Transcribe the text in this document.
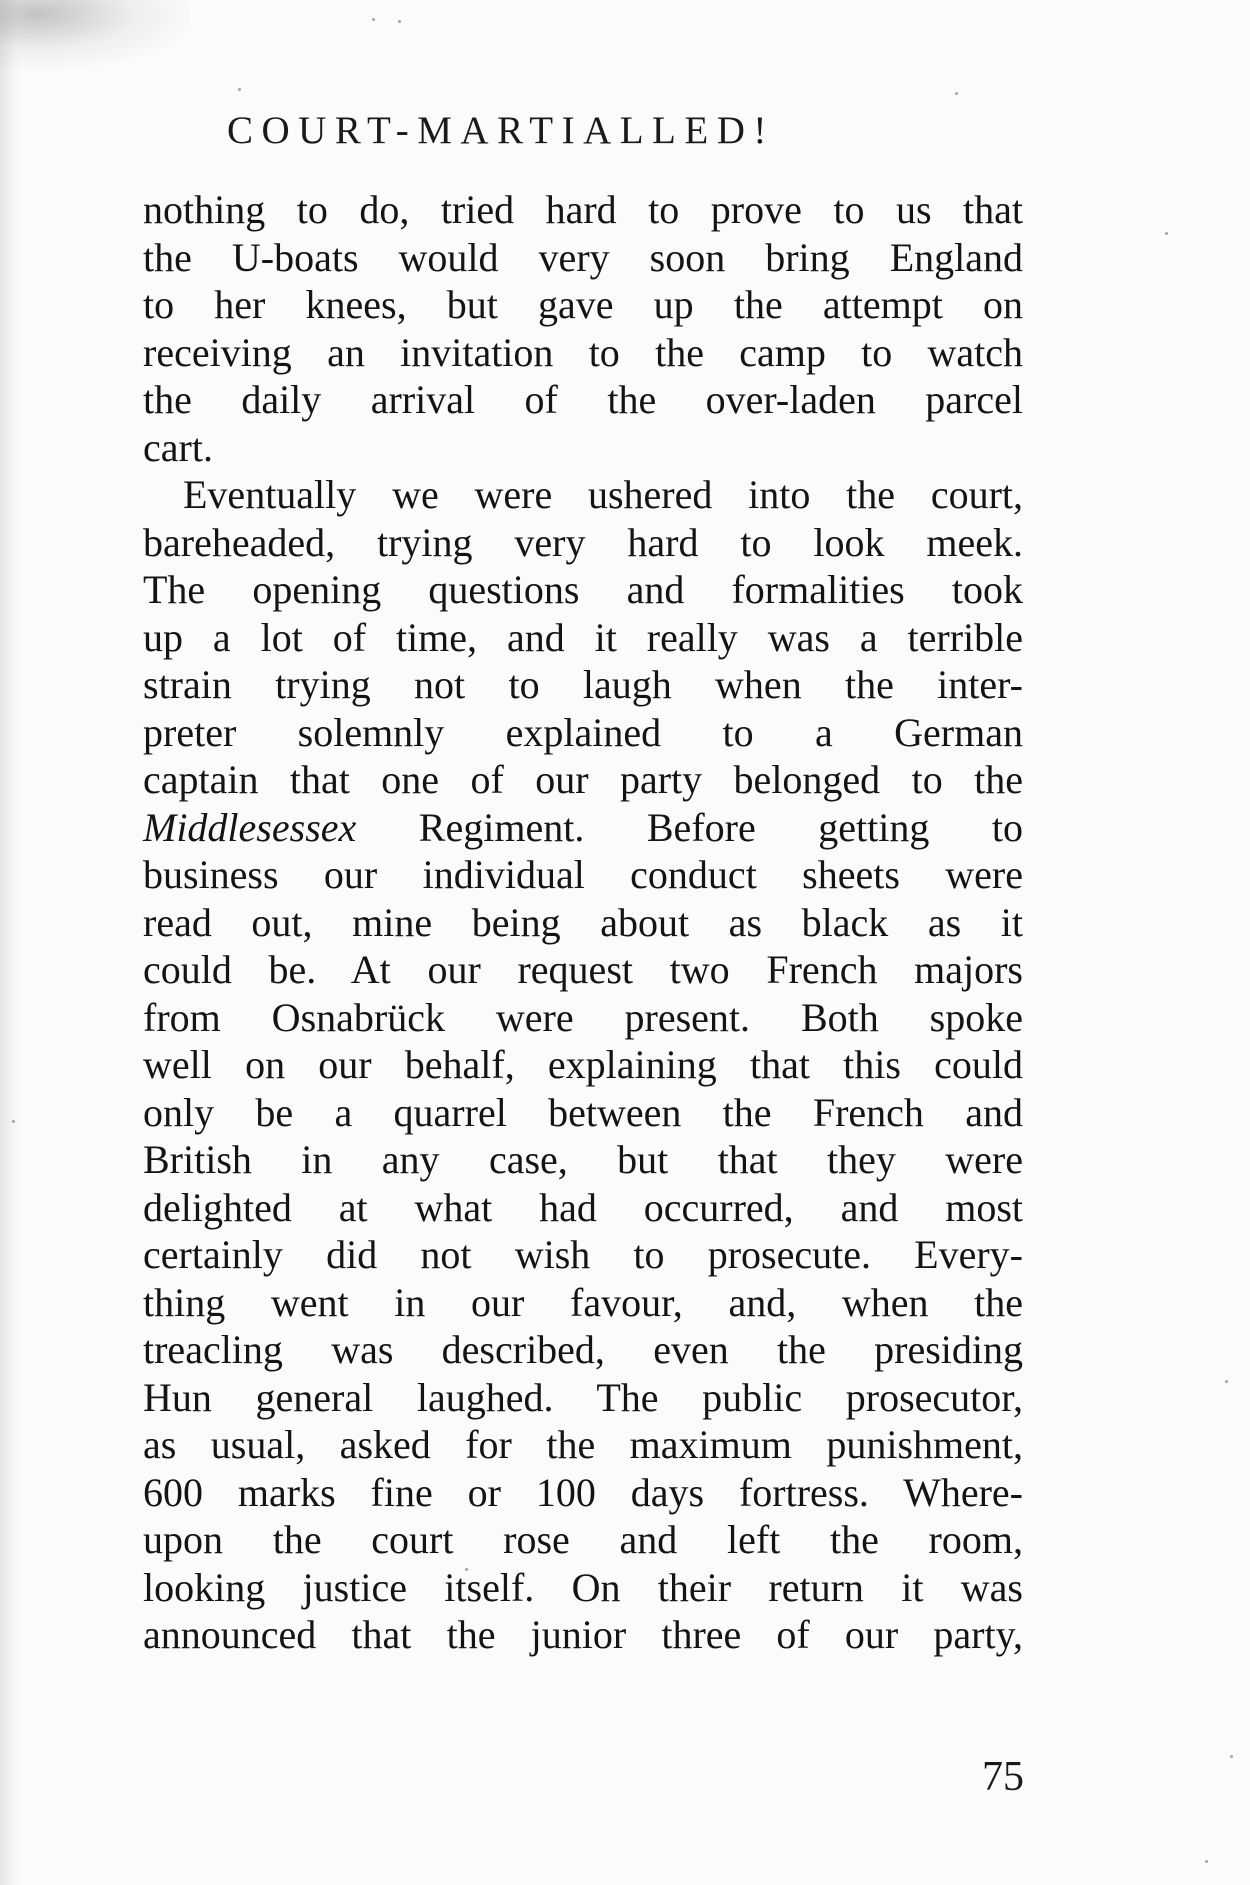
COURT-MARTIALLED!
nothing to do, tried hard to prove to us that
the U-boats would very soon bring England
to her knees, but gave up the attempt on
receiving an invitation to the camp to watch
the daily arrival of the over-laden parcel
cart.
Eventually we were ushered into the court,
bareheaded, trying very hard to look meek.
The opening questions and formalities took
up a lot of time, and it really was a terrible
strain trying not to laugh when the inter-
preter solemnly explained to a German
captain that one of our party belonged to the
Middlesessex Regiment. Before getting to
business our individual conduct sheets were
read out, mine being about as black as it
could be. At our request two French majors
from Osnabrück were present. Both spoke
well on our behalf, explaining that this could
only be a quarrel between the French and
British in any case, but that they were
delighted at what had occurred, and most
certainly did not wish to prosecute. Every-
thing went in our favour, and, when the
treacling was described, even the presiding
Hun general laughed. The public prosecutor,
as usual, asked for the maximum punishment,
600 marks fine or 100 days fortress. Where-
upon the court rose and left the room,
looking justice itself. On their return it was
announced that the junior three of our party,
75
